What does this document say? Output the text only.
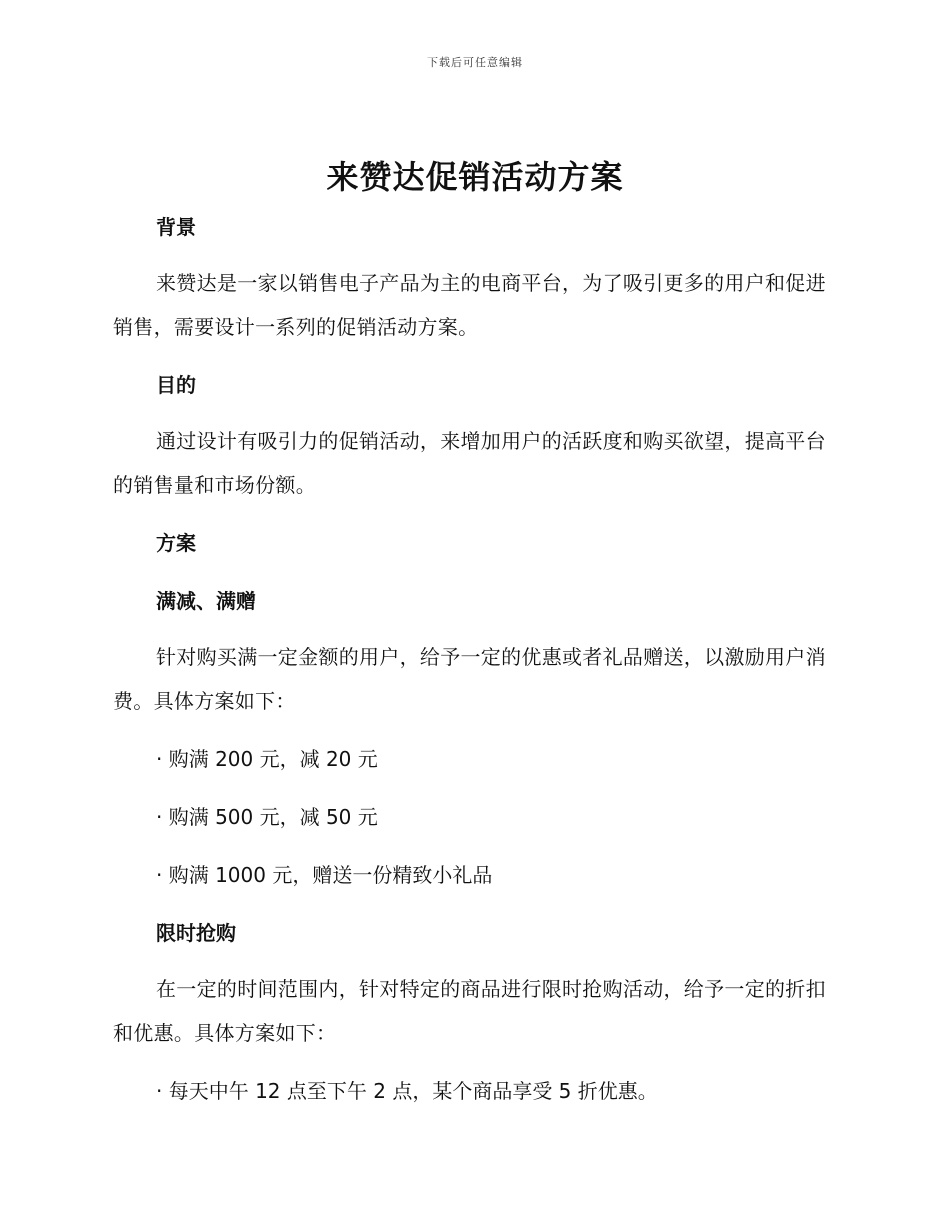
下载后可任意编辑
来赞达促销活动方案

背景

来赞达是一家以销售电子产品为主的电商平台，为了吸引更多的用户和促进销售，需要设计一系列的促销活动方案。

目的

通过设计有吸引力的促销活动，来增加用户的活跃度和购买欲望，提高平台的销售量和市场份额。

方案

满减、满赠

针对购买满一定金额的用户，给予一定的优惠或者礼品赠送，以激励用户消费。具体方案如下：

· 购满 200 元，减 20 元

· 购满 500 元，减 50 元

· 购满 1000 元，赠送一份精致小礼品

限时抢购

在一定的时间范围内，针对特定的商品进行限时抢购活动，给予一定的折扣和优惠。具体方案如下：

· 每天中午 12 点至下午 2 点，某个商品享受 5 折优惠。
